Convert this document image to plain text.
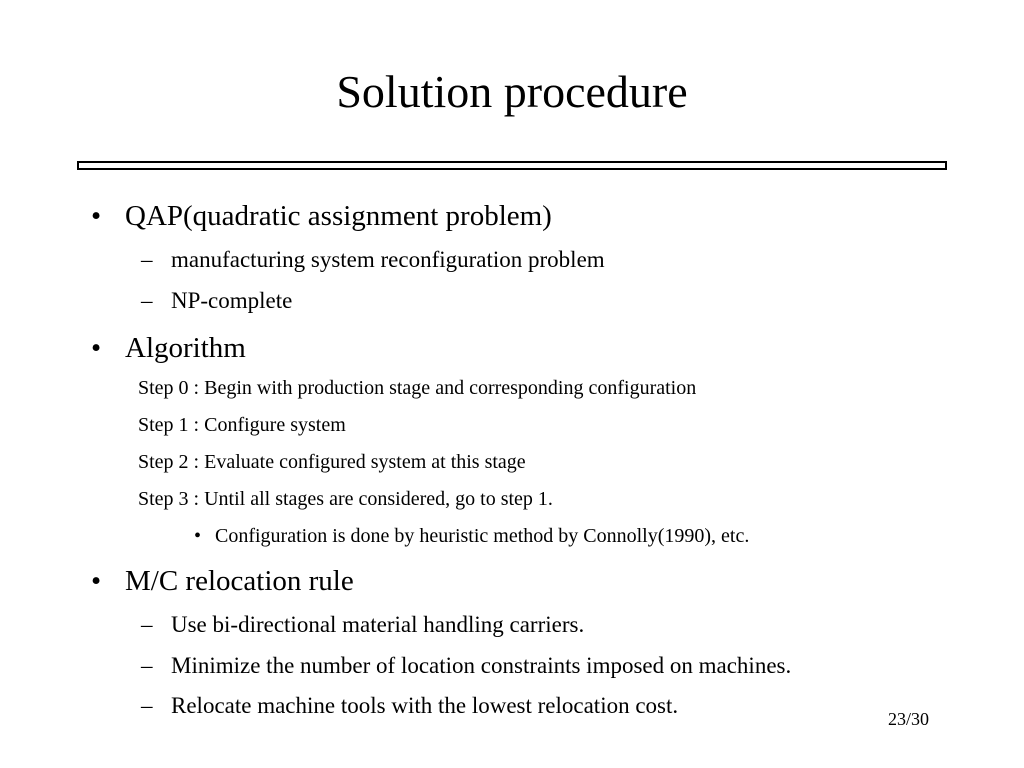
Solution procedure
• QAP(quadratic assignment problem)
– manufacturing system reconfiguration problem
– NP-complete
• Algorithm
Step 0 : Begin with production stage and corresponding configuration
Step 1 : Configure system
Step 2 : Evaluate configured system at this stage
Step 3 : Until all stages are considered, go to step 1.
• Configuration is done by heuristic method by Connolly(1990), etc.
• M/C relocation rule
– Use bi-directional material handling carriers.
– Minimize the number of location constraints imposed on machines.
– Relocate machine tools with the lowest relocation cost.
23/30
